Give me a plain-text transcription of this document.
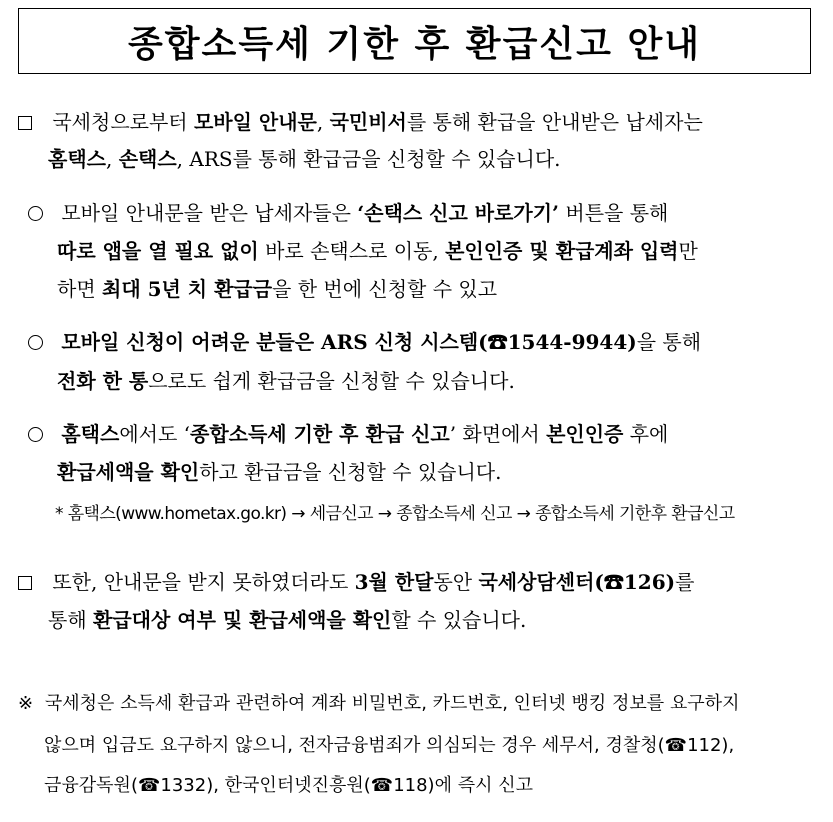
종합소득세 기한 후 환급신고 안내
국세청으로부터 모바일 안내문, 국민비서를 통해 환급을 안내받은 납세자는
홈택스, 손택스, ARS를 통해 환급금을 신청할 수 있습니다.
모바일 안내문을 받은 납세자들은 ‘손택스 신고 바로가기’ 버튼을 통해
따로 앱을 열 필요 없이 바로 손택스로 이동, 본인인증 및 환급계좌 입력만
하면 최대 5년 치 환급금을 한 번에 신청할 수 있고
모바일 신청이 어려운 분들은 ARS 신청 시스템(☎1544-9944)을 통해
전화 한 통으로도 쉽게 환급금을 신청할 수 있습니다.
홈택스에서도 ‘종합소득세 기한 후 환급 신고’ 화면에서 본인인증 후에
환급세액을 확인하고 환급금을 신청할 수 있습니다.
* 홈택스(www.hometax.go.kr) → 세금신고 → 종합소득세 신고 → 종합소득세 기한후 환급신고
또한, 안내문을 받지 못하였더라도 3월 한달동안 국세상담센터(☎126)를
통해 환급대상 여부 및 환급세액을 확인할 수 있습니다.
※ 국세청은 소득세 환급과 관련하여 계좌 비밀번호, 카드번호, 인터넷 뱅킹 정보를 요구하지
않으며 입금도 요구하지 않으니, 전자금융범죄가 의심되는 경우 세무서, 경찰청(☎112),
금융감독원(☎1332), 한국인터넷진흥원(☎118)에 즉시 신고
